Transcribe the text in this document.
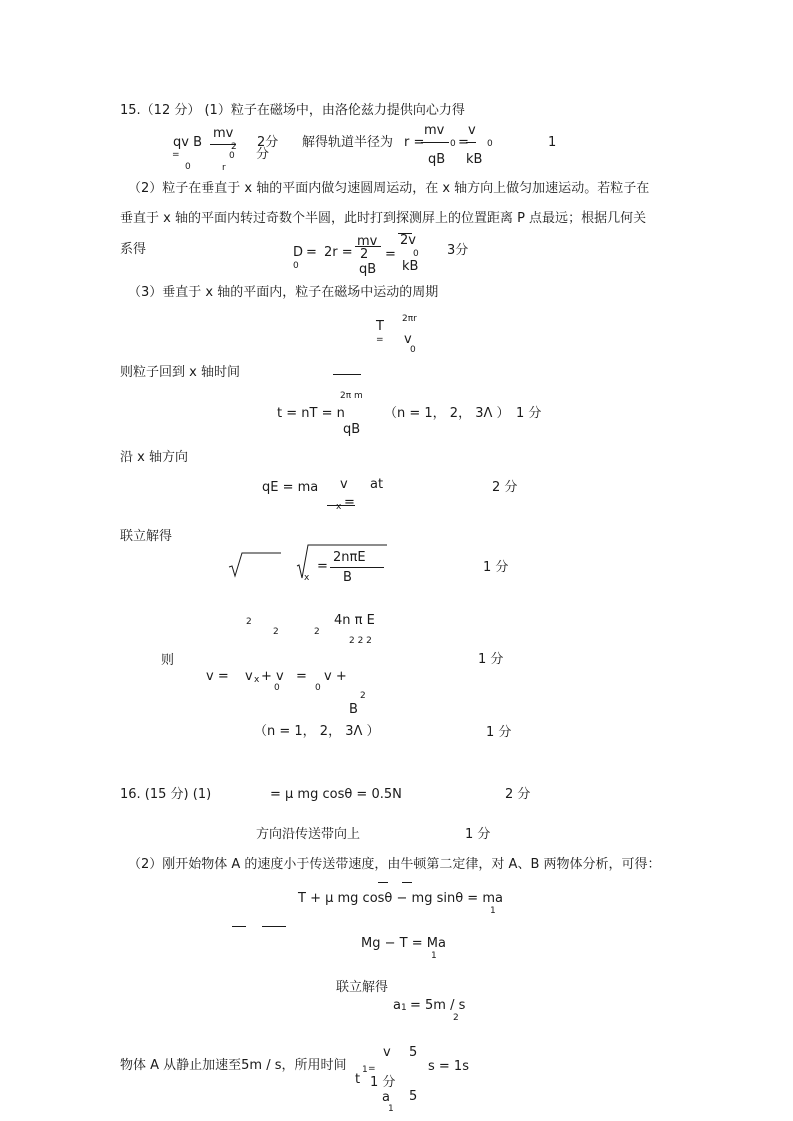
15.（12 分） (1）粒子在磁场中，由洛伦兹力提供向心力得
qv B
=
0
mv
2
0
r
2分
分
解得轨道半径为 r =
mv
0 =
v
0
qB kB
1
（2）粒子在垂直于 x 轴的平面内做匀速圆周运动，在 x 轴方向上做匀加速运动。若粒子在
垂直于 x 轴的平面内转过奇数个半圆，此时打到探测屏上的位置距离 P 点最远；根据几何关
系得	D
0
= 2r =
mv
2 =
2v
0
qB kB
3分
（3）垂直于 x 轴的平面内，粒子在磁场中运动的周期
T
=
2πr
v
0
则粒子回到 x 轴时间
2π m
t = nT = n
qB
（n = 1， 2， 3Λ ） 1 分
沿 x 轴方向
qE = ma v at
x =
2 分
联立解得
x
=
2nπE
B
1 分
2
2	2
4n π E
2 2 2
则
v = v x + v
0
=
0
v +
1 分
2
B
（n = 1， 2， 3Λ ）	1 分
16. (15 分) (1)	= μ mg cosθ = 0.5N	2 分
方向沿传送带向上	1 分
（2）刚开始物体 A 的速度小于传送带速度，由牛顿第二定律，对 A、B 两物体分析，可得：
T + μ mg cosθ − mg sinθ = ma
1
Mg − T = Ma
1
联立解得
a 1 = 5m / s
2
物体 A 从静止加速至5m / s，所用时间
v 5
t
1 =	s = 1s
1 分
a
1
5
